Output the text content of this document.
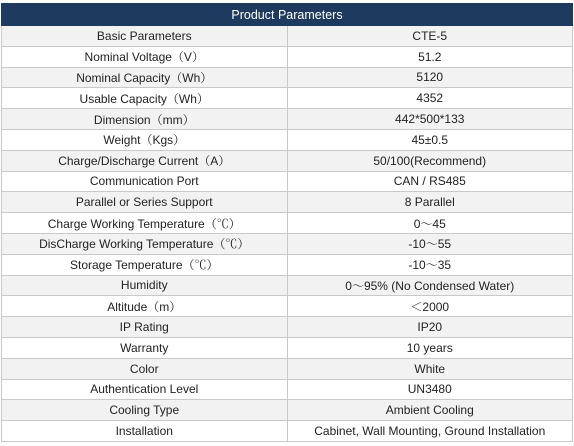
Product Parameters	
Basic Parameters	CTE-5
Nominal Voltage（V）	51.2
Nominal Capacity（Wh）	5120
Usable Capacity（Wh）	4352
Dimension（mm）	442*500*133
Weight（Kgs）	45±0.5
Charge/Discharge Current（A）	50/100(Recommend)
Communication Port	CAN / RS485
Parallel or Series Support	8 Parallel
Charge Working Temperature（℃）	0～45
DisCharge Working Temperature（℃）	-10～55
Storage Temperature（℃）	-10～35
Humidity	0～95% (No Condensed Water)
Altitude（m）	＜2000
IP Rating	IP20
Warranty	10 years
Color	White
Authentication Level	UN3480
Cooling Type	Ambient Cooling
Installation	Cabinet, Wall Mounting, Ground Installation
